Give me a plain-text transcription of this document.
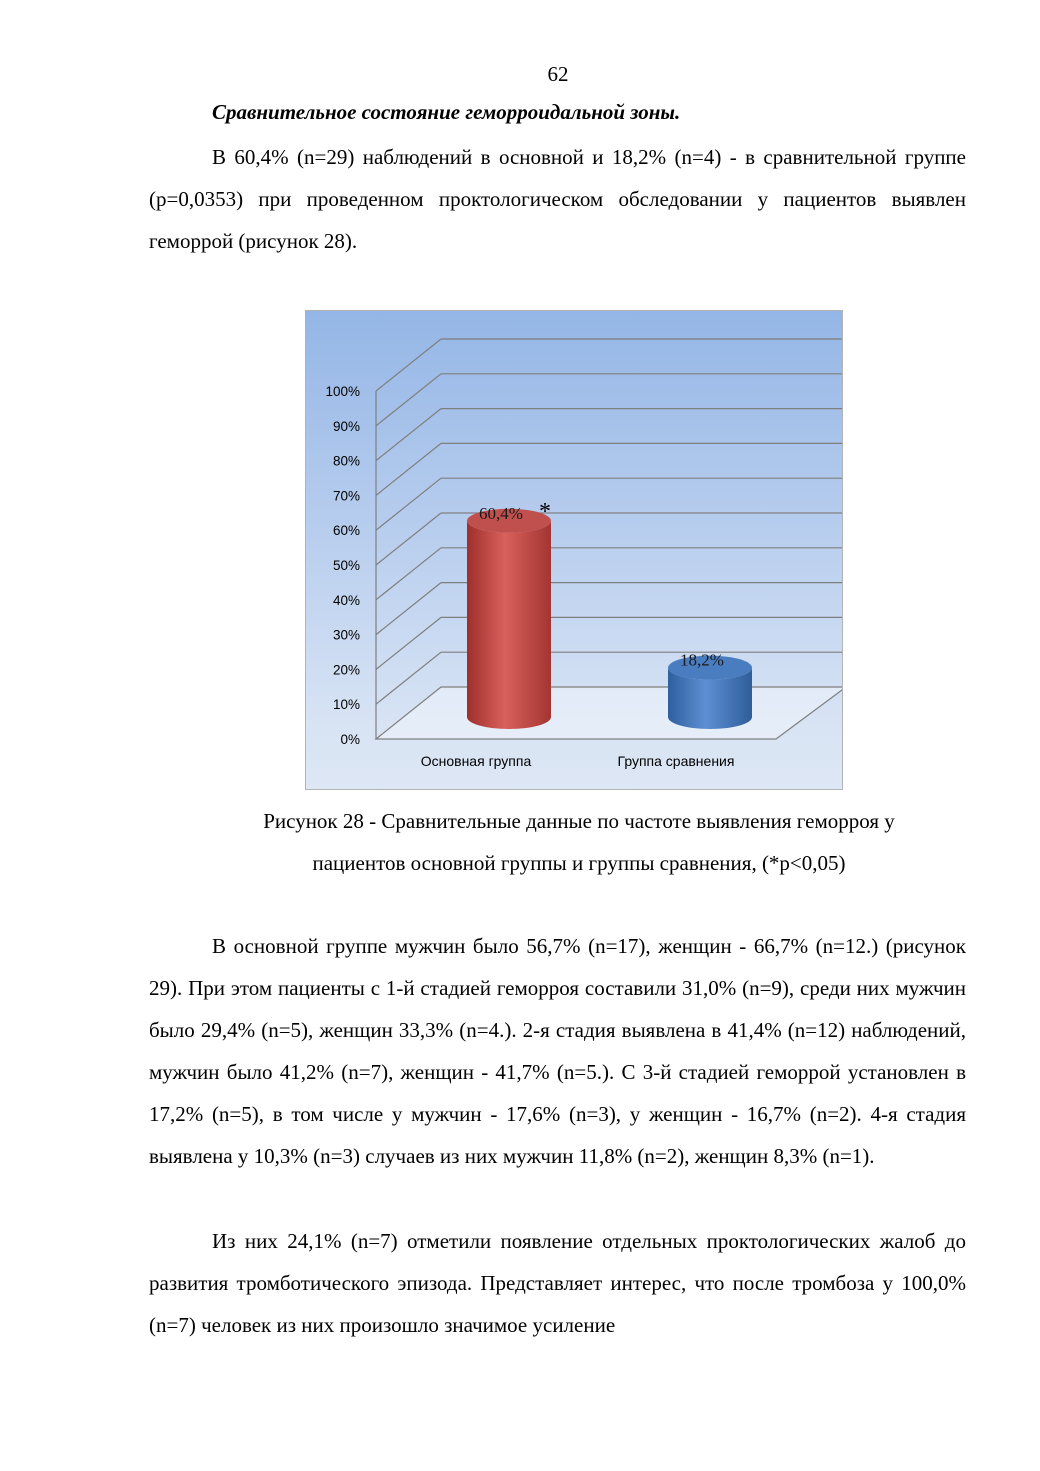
62
Сравнительное состояние геморроидальной зоны.

В 60,4% (n=29) наблюдений в основной и 18,2% (n=4) - в сравнительной группе (p=0,0353) при проведенном проктологическом обследовании у пациентов выявлен геморрой (рисунок 28).

0%
10%
20%
30%
40%
50%
60%
70%
80%
90%
100%
60,4% *
Основная группа
18,2%
Группа сравнения
Рисунок 28 - Сравнительные данные по частоте выявления геморроя у
пациентов основной группы и группы сравнения, (*p<0,05)

В основной группе мужчин было 56,7% (n=17), женщин - 66,7% (n=12.) (рисунок 29). При этом пациенты с 1-й стадией геморроя составили 31,0% (n=9), среди них мужчин было 29,4% (n=5), женщин 33,3% (n=4.). 2-я стадия выявлена в 41,4% (n=12) наблюдений, мужчин было 41,2% (n=7), женщин - 41,7% (n=5.). С 3-й стадией геморрой установлен в 17,2% (n=5), в том числе у мужчин - 17,6% (n=3), у женщин - 16,7% (n=2). 4-я стадия выявлена у 10,3% (n=3) случаев из них мужчин 11,8% (n=2), женщин 8,3% (n=1).

Из них 24,1% (n=7) отметили появление отдельных проктологических жалоб до развития тромботического эпизода. Представляет интерес, что после тромбоза у 100,0% (n=7) человек из них произошло значимое усиление
